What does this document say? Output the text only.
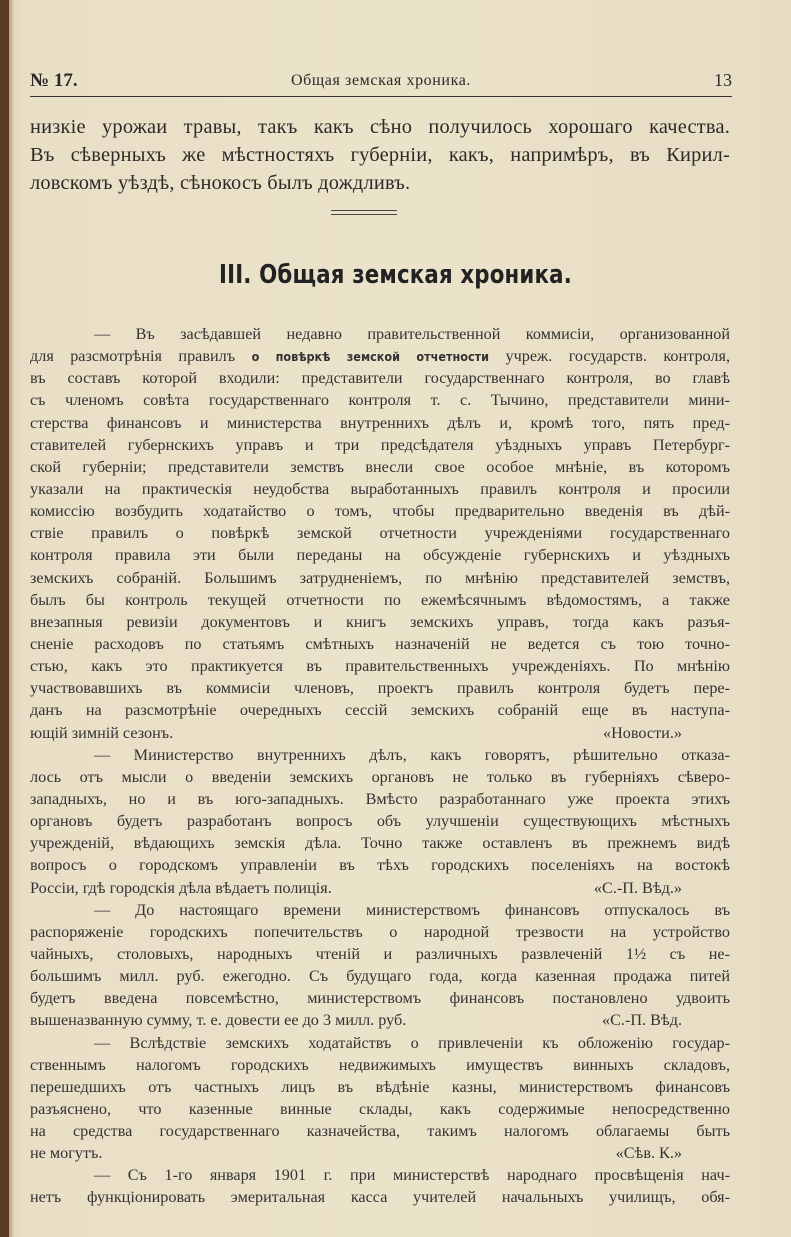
№ 17.	Общая земская хроника.	13
низкіе урожаи травы, такъ какъ сѣно получилось хорошаго качества.
Въ сѣверныхъ же мѣстностяхъ губерніи, какъ, напримѣръ, въ Кирил-
ловскомъ уѣздѣ, сѣнокосъ былъ дождливъ.
III. Общая земская хроника.
— Въ засѣдавшей недавно правительственной коммисіи, организованной
для разсмотрѣнія правилъ о повѣркѣ земской отчетности учреж. государств. контроля,
въ составъ которой входили: представители государственнаго контроля, во главѣ
съ членомъ совѣта государственнаго контроля т. с. Тычино, представители мини-
стерства финансовъ и министерства внутреннихъ дѣлъ и, кромѣ того, пять пред-
ставителей губернскихъ управъ и три предсѣдателя уѣздныхъ управъ Петербург-
ской губерніи; представители земствъ внесли свое особое мнѣніе, въ которомъ
указали на практическія неудобства выработанныхъ правилъ контроля и просили
комиссію возбудить ходатайство о томъ, чтобы предварительно введенія въ дѣй-
ствіе правилъ о повѣркѣ земской отчетности учрежденіями государственнаго
контроля правила эти были переданы на обсужденіе губернскихъ и уѣздныхъ
земскихъ собраній. Большимъ затрудненіемъ, по мнѣнію представителей земствъ,
былъ бы контроль текущей отчетности по ежемѣсячнымъ вѣдомостямъ, а также
внезапныя ревизіи документовъ и книгъ земскихъ управъ, тогда какъ разъя-
сненіе расходовъ по статьямъ смѣтныхъ назначеній не ведется съ тою точно-
стью, какъ это практикуется въ правительственныхъ учрежденіяхъ. По мнѣнію
участвовавшихъ въ коммисіи членовъ, проектъ правилъ контроля будетъ пере-
данъ на разсмотрѣніе очередныхъ сессій земскихъ собраній еще въ наступа-
ющій зимній сезонъ.	«Новости.»
— Министерство внутреннихъ дѣлъ, какъ говорятъ, рѣшительно отказа-
лось отъ мысли о введеніи земскихъ органовъ не только въ губерніяхъ сѣверо-
западныхъ, но и въ юго-западныхъ. Вмѣсто разработаннаго уже проекта этихъ
органовъ будетъ разработанъ вопросъ объ улучшеніи существующихъ мѣстныхъ
учрежденій, вѣдающихъ земскія дѣла. Точно также оставленъ въ прежнемъ видѣ
вопросъ о городскомъ управленіи въ тѣхъ городскихъ поселеніяхъ на востокѣ
Россіи, гдѣ городскія дѣла вѣдаетъ полиція.	«С.-П. Вѣд.»
— До настоящаго времени министерствомъ финансовъ отпускалось въ
распоряженіе городскихъ попечительствъ о народной трезвости на устройство
чайныхъ, столовыхъ, народныхъ чтеній и различныхъ развлеченій 1½ съ не-
большимъ милл. руб. ежегодно. Съ будущаго года, когда казенная продажа питей
будетъ введена повсемѣстно, министерствомъ финансовъ постановлено удвоить
вышеназванную сумму, т. е. довести ее до 3 милл. руб.	«С.-П. Вѣд.
— Вслѣдствіе земскихъ ходатайствъ о привлеченіи къ обложенію государ-
ственнымъ налогомъ городскихъ недвижимыхъ имуществъ винныхъ складовъ,
перешедшихъ отъ частныхъ лицъ въ вѣдѣніе казны, министерствомъ финансовъ
разъяснено, что казенные винные склады, какъ содержимые непосредственно
на средства государственнаго казначейства, такимъ налогомъ облагаемы быть
не могутъ.	«Сѣв. К.»
— Съ 1-го января 1901 г. при министерствѣ народнаго просвѣщенія нач-
нетъ функціонировать эмеритальная касса учителей начальныхъ училищъ, обя-
